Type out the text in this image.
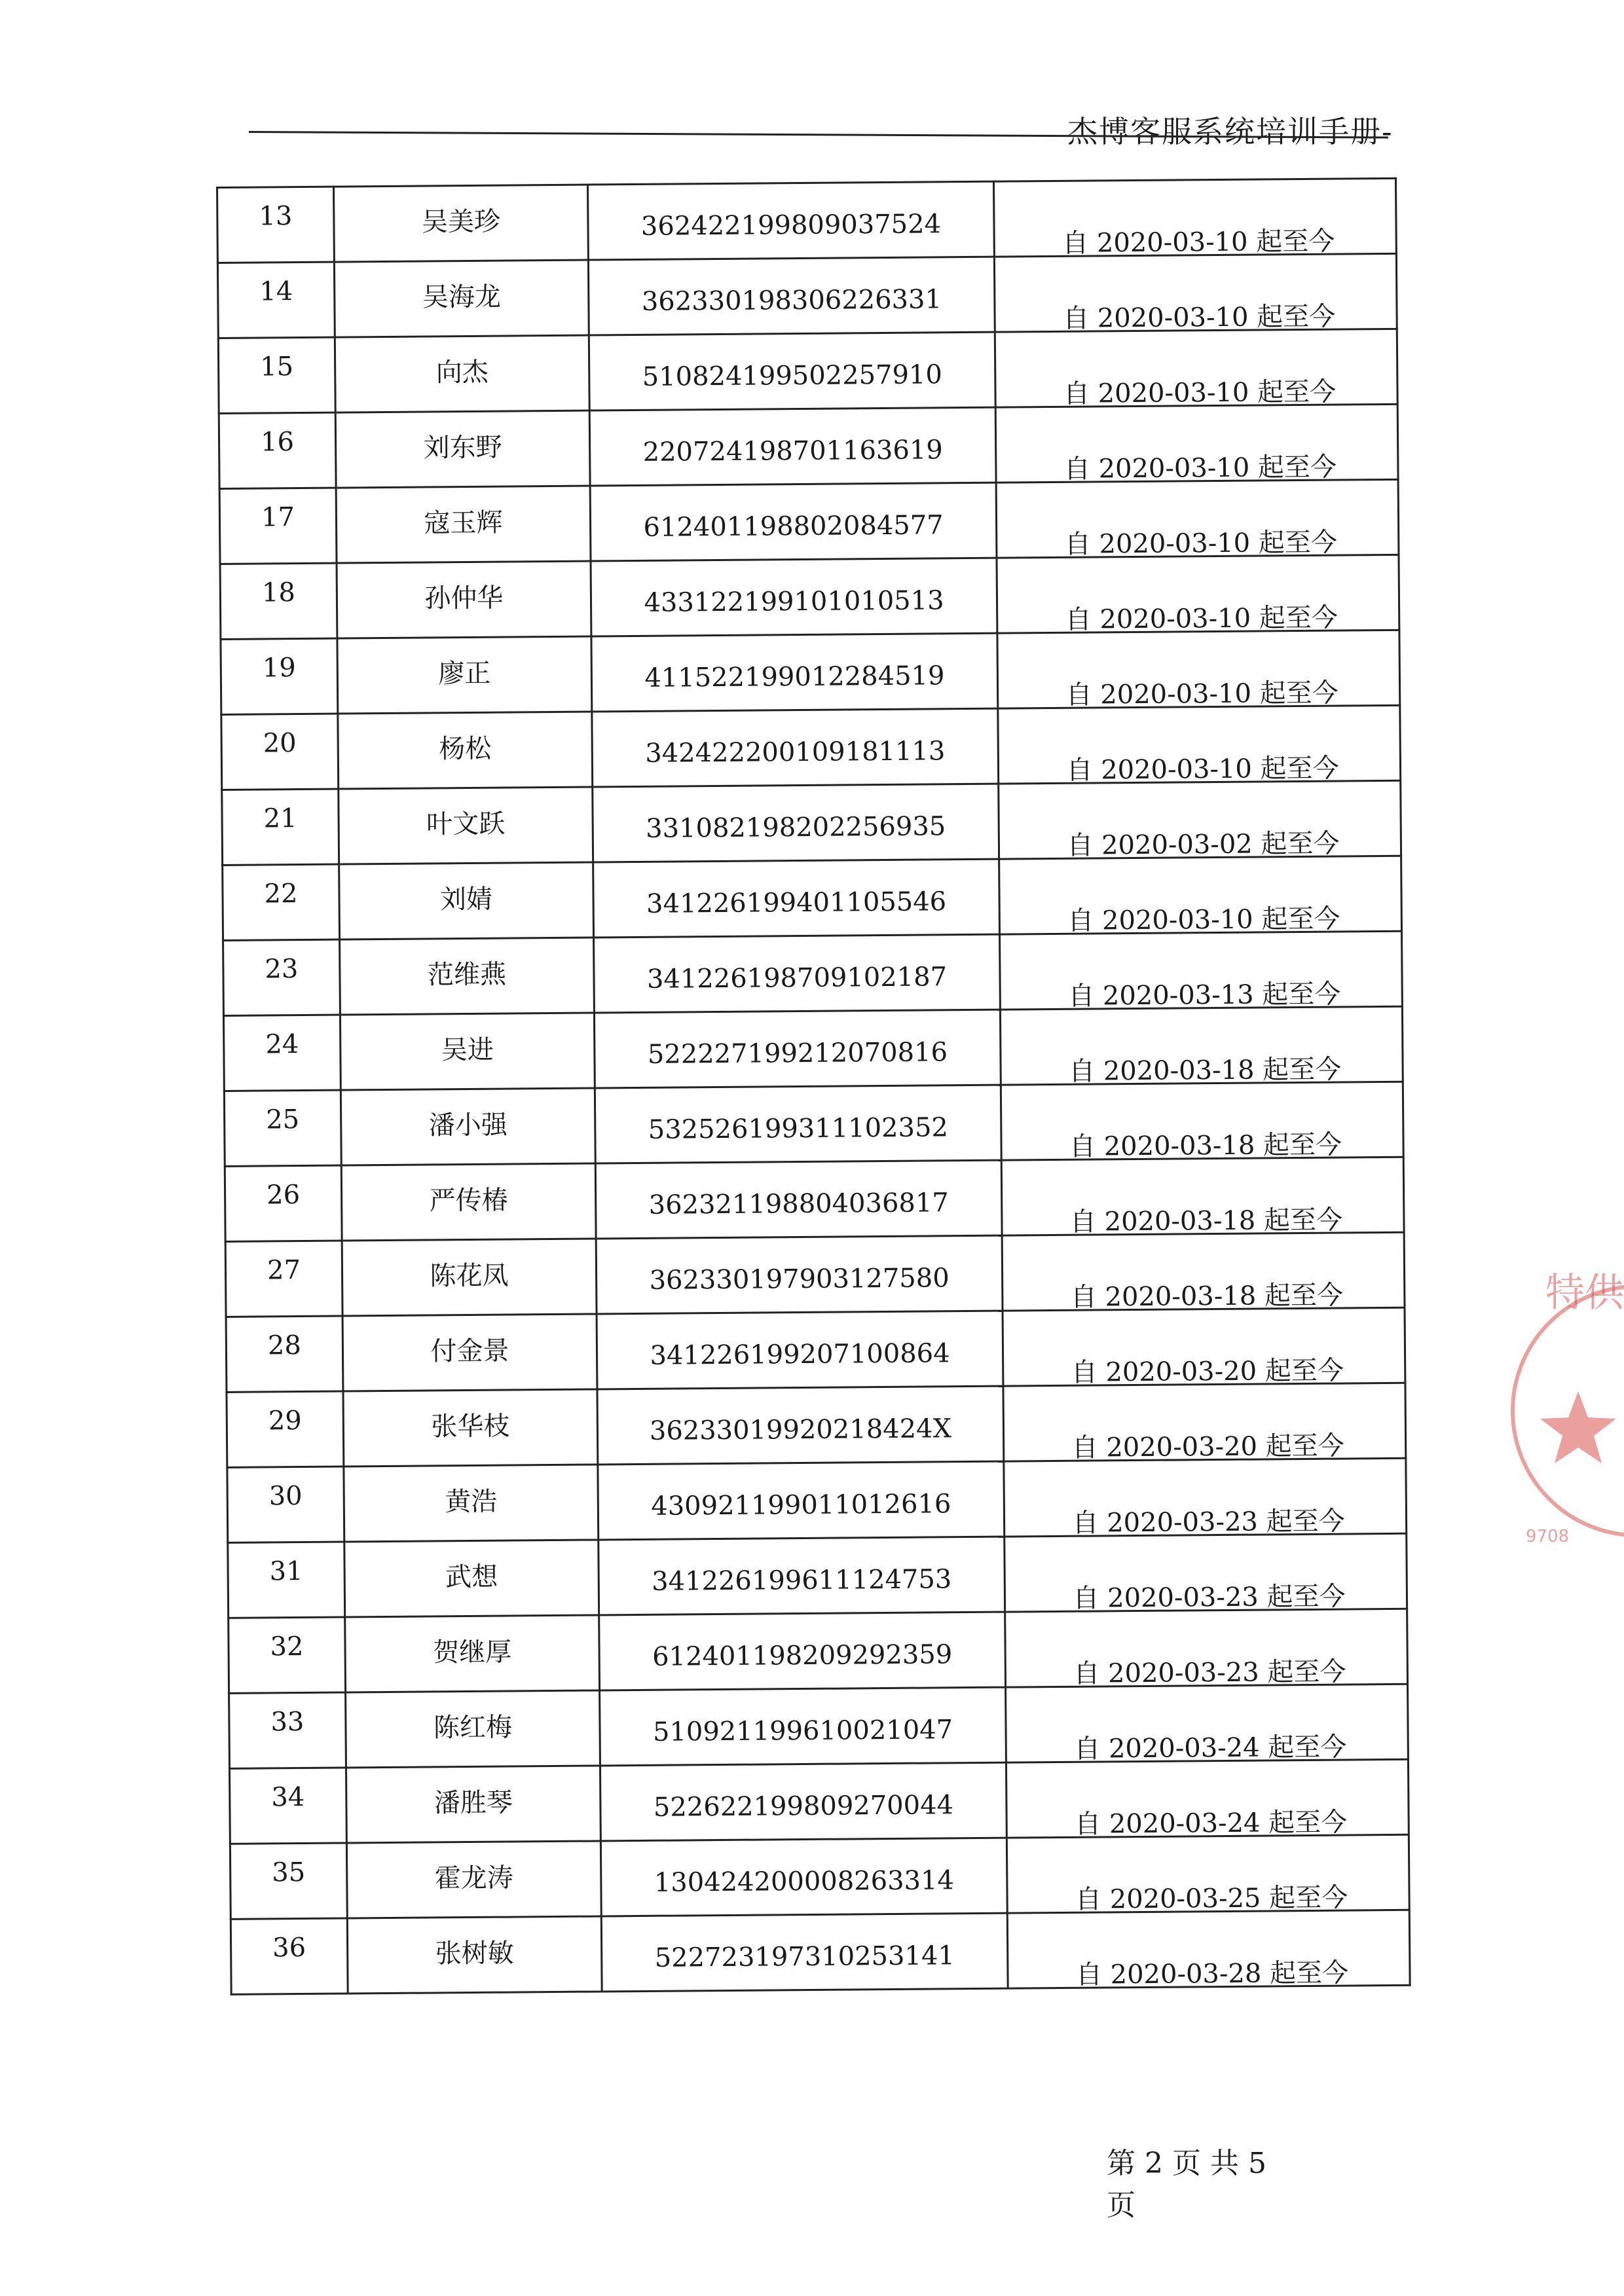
杰博客服系统培训手册-
13	吴美珍	362422199809037524	自 2020-03-10 起至今

14	吴海龙	362330198306226331	自 2020-03-10 起至今

15	向杰	510824199502257910	自 2020-03-10 起至今

16	刘东野	220724198701163619	自 2020-03-10 起至今

17	寇玉辉	612401198802084577	自 2020-03-10 起至今

18	孙仲华	433122199101010513	自 2020-03-10 起至今

19	廖正	411522199012284519	自 2020-03-10 起至今

20	杨松	342422200109181113	自 2020-03-10 起至今

21	叶文跃	331082198202256935	自 2020-03-02 起至今

22	刘婧	341226199401105546	自 2020-03-10 起至今

23	范维燕	341226198709102187	自 2020-03-13 起至今

24	吴进	522227199212070816	自 2020-03-18 起至今

25	潘小强	532526199311102352	自 2020-03-18 起至今

26	严传椿	362321198804036817	自 2020-03-18 起至今

27	陈花凤	362330197903127580	自 2020-03-18 起至今

28	付金景	341226199207100864	自 2020-03-20 起至今

29	张华枝	36233019920218424X	自 2020-03-20 起至今

30	黄浩	430921199011012616	自 2020-03-23 起至今

31	武想	341226199611124753	自 2020-03-23 起至今

32	贺继厚	612401198209292359	自 2020-03-23 起至今

33	陈红梅	510921199610021047	自 2020-03-24 起至今

34	潘胜琴	522622199809270044	自 2020-03-24 起至今

35	霍龙涛	130424200008263314	自 2020-03-25 起至今

36	张树敏	522723197310253141	自 2020-03-28 起至今
第 2 页 共 5 页
特供
9708
